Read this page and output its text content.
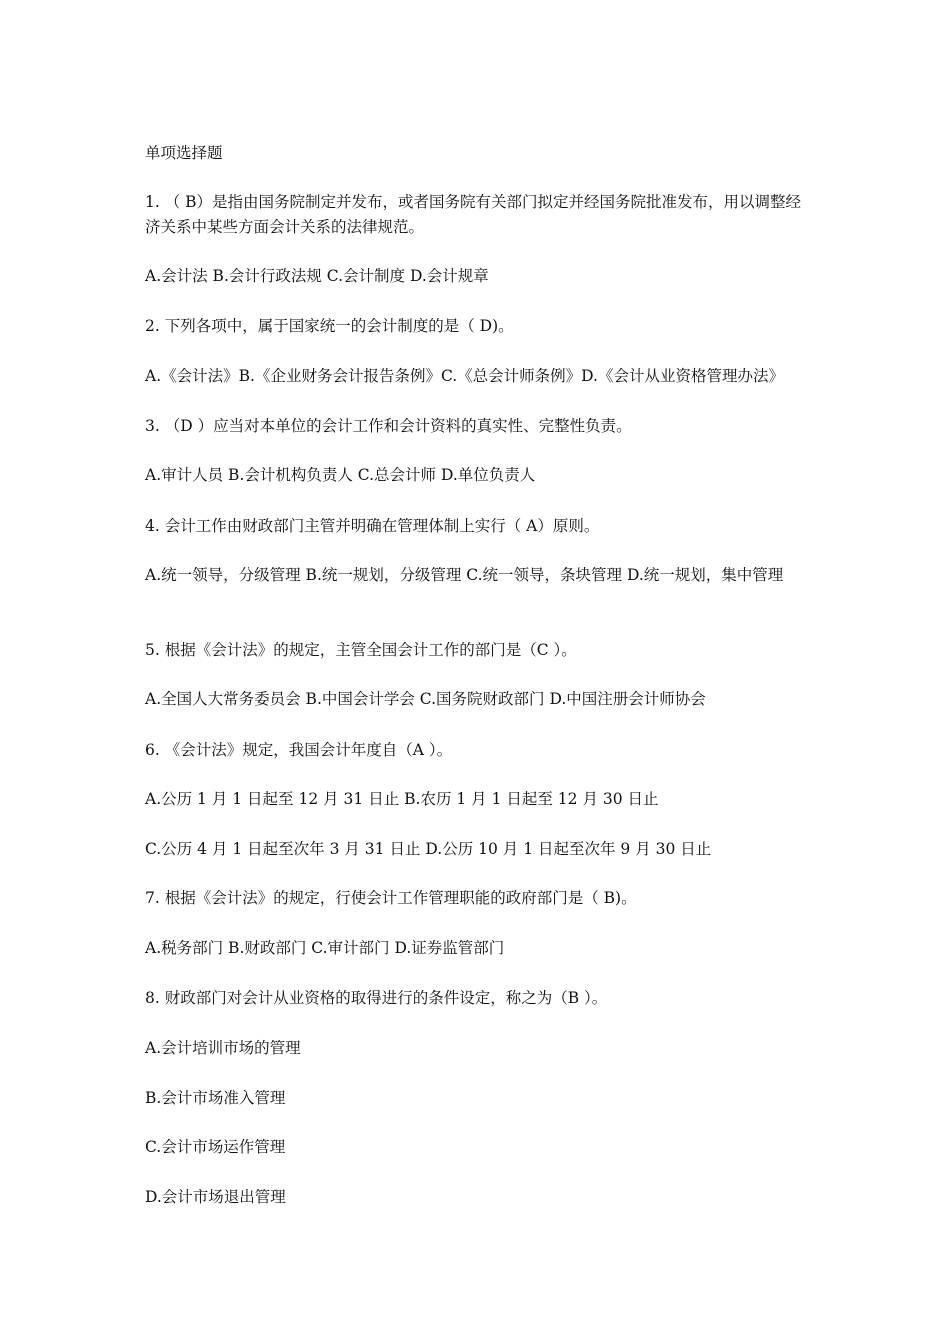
单项选择题
1. （ B）是指由国务院制定并发布，或者国务院有关部门拟定并经国务院批准发布，用以调整经济关系中某些方面会计关系的法律规范。
A.会计法 B.会计行政法规 C.会计制度 D.会计规章
2. 下列各项中，属于国家统一的会计制度的是（ D)。
A.《会计法》B.《企业财务会计报告条例》C.《总会计师条例》D.《会计从业资格管理办法》
3. （D ）应当对本单位的会计工作和会计资料的真实性、完整性负责。
A.审计人员 B.会计机构负责人 C.总会计师 D.单位负责人
4. 会计工作由财政部门主管并明确在管理体制上实行（ A）原则。
A.统一领导，分级管理 B.统一规划，分级管理 C.统一领导，条块管理 D.统一规划，集中管理
5. 根据《会计法》的规定，主管全国会计工作的部门是（C ）。
A.全国人大常务委员会 B.中国会计学会 C.国务院财政部门 D.中国注册会计师协会
6. 《会计法》规定，我国会计年度自（A ）。
A.公历 1 月 1 日起至 12 月 31 日止 B.农历 1 月 1 日起至 12 月 30 日止
C.公历 4 月 1 日起至次年 3 月 31 日止 D.公历 10 月 1 日起至次年 9 月 30 日止
7. 根据《会计法》的规定，行使会计工作管理职能的政府部门是（ B)。
A.税务部门 B.财政部门 C.审计部门 D.证券监管部门
8. 财政部门对会计从业资格的取得进行的条件设定，称之为（B ）。
A.会计培训市场的管理
B.会计市场准入管理
C.会计市场运作管理
D.会计市场退出管理
